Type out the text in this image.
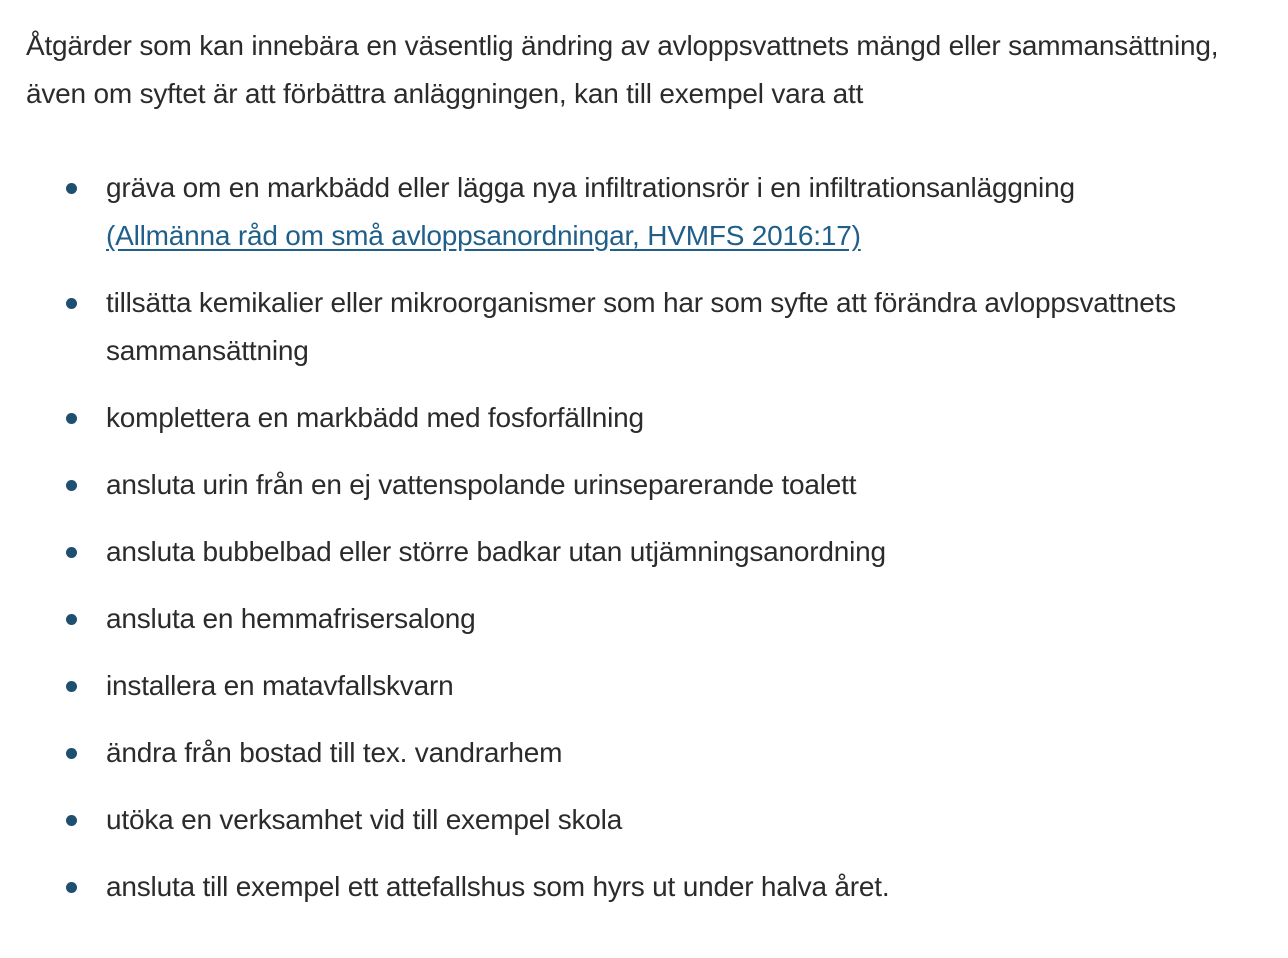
Åtgärder som kan innebära en väsentlig ändring av avloppsvattnets mängd eller sammansättning, även om syftet är att förbättra anläggningen, kan till exempel vara att

gräva om en markbädd eller lägga nya infiltrationsrör i en infiltrationsanläggning
(Allmänna råd om små avloppsanordningar, HVMFS 2016:17)
tillsätta kemikalier eller mikroorganismer som har som syfte att förändra avloppsvattnets sammansättning
komplettera en markbädd med fosforfällning
ansluta urin från en ej vattenspolande urinseparerande toalett
ansluta bubbelbad eller större badkar utan utjämningsanordning
ansluta en hemmafrisersalong
installera en matavfallskvarn
ändra från bostad till tex. vandrarhem
utöka en verksamhet vid till exempel skola
ansluta till exempel ett attefallshus som hyrs ut under halva året.
